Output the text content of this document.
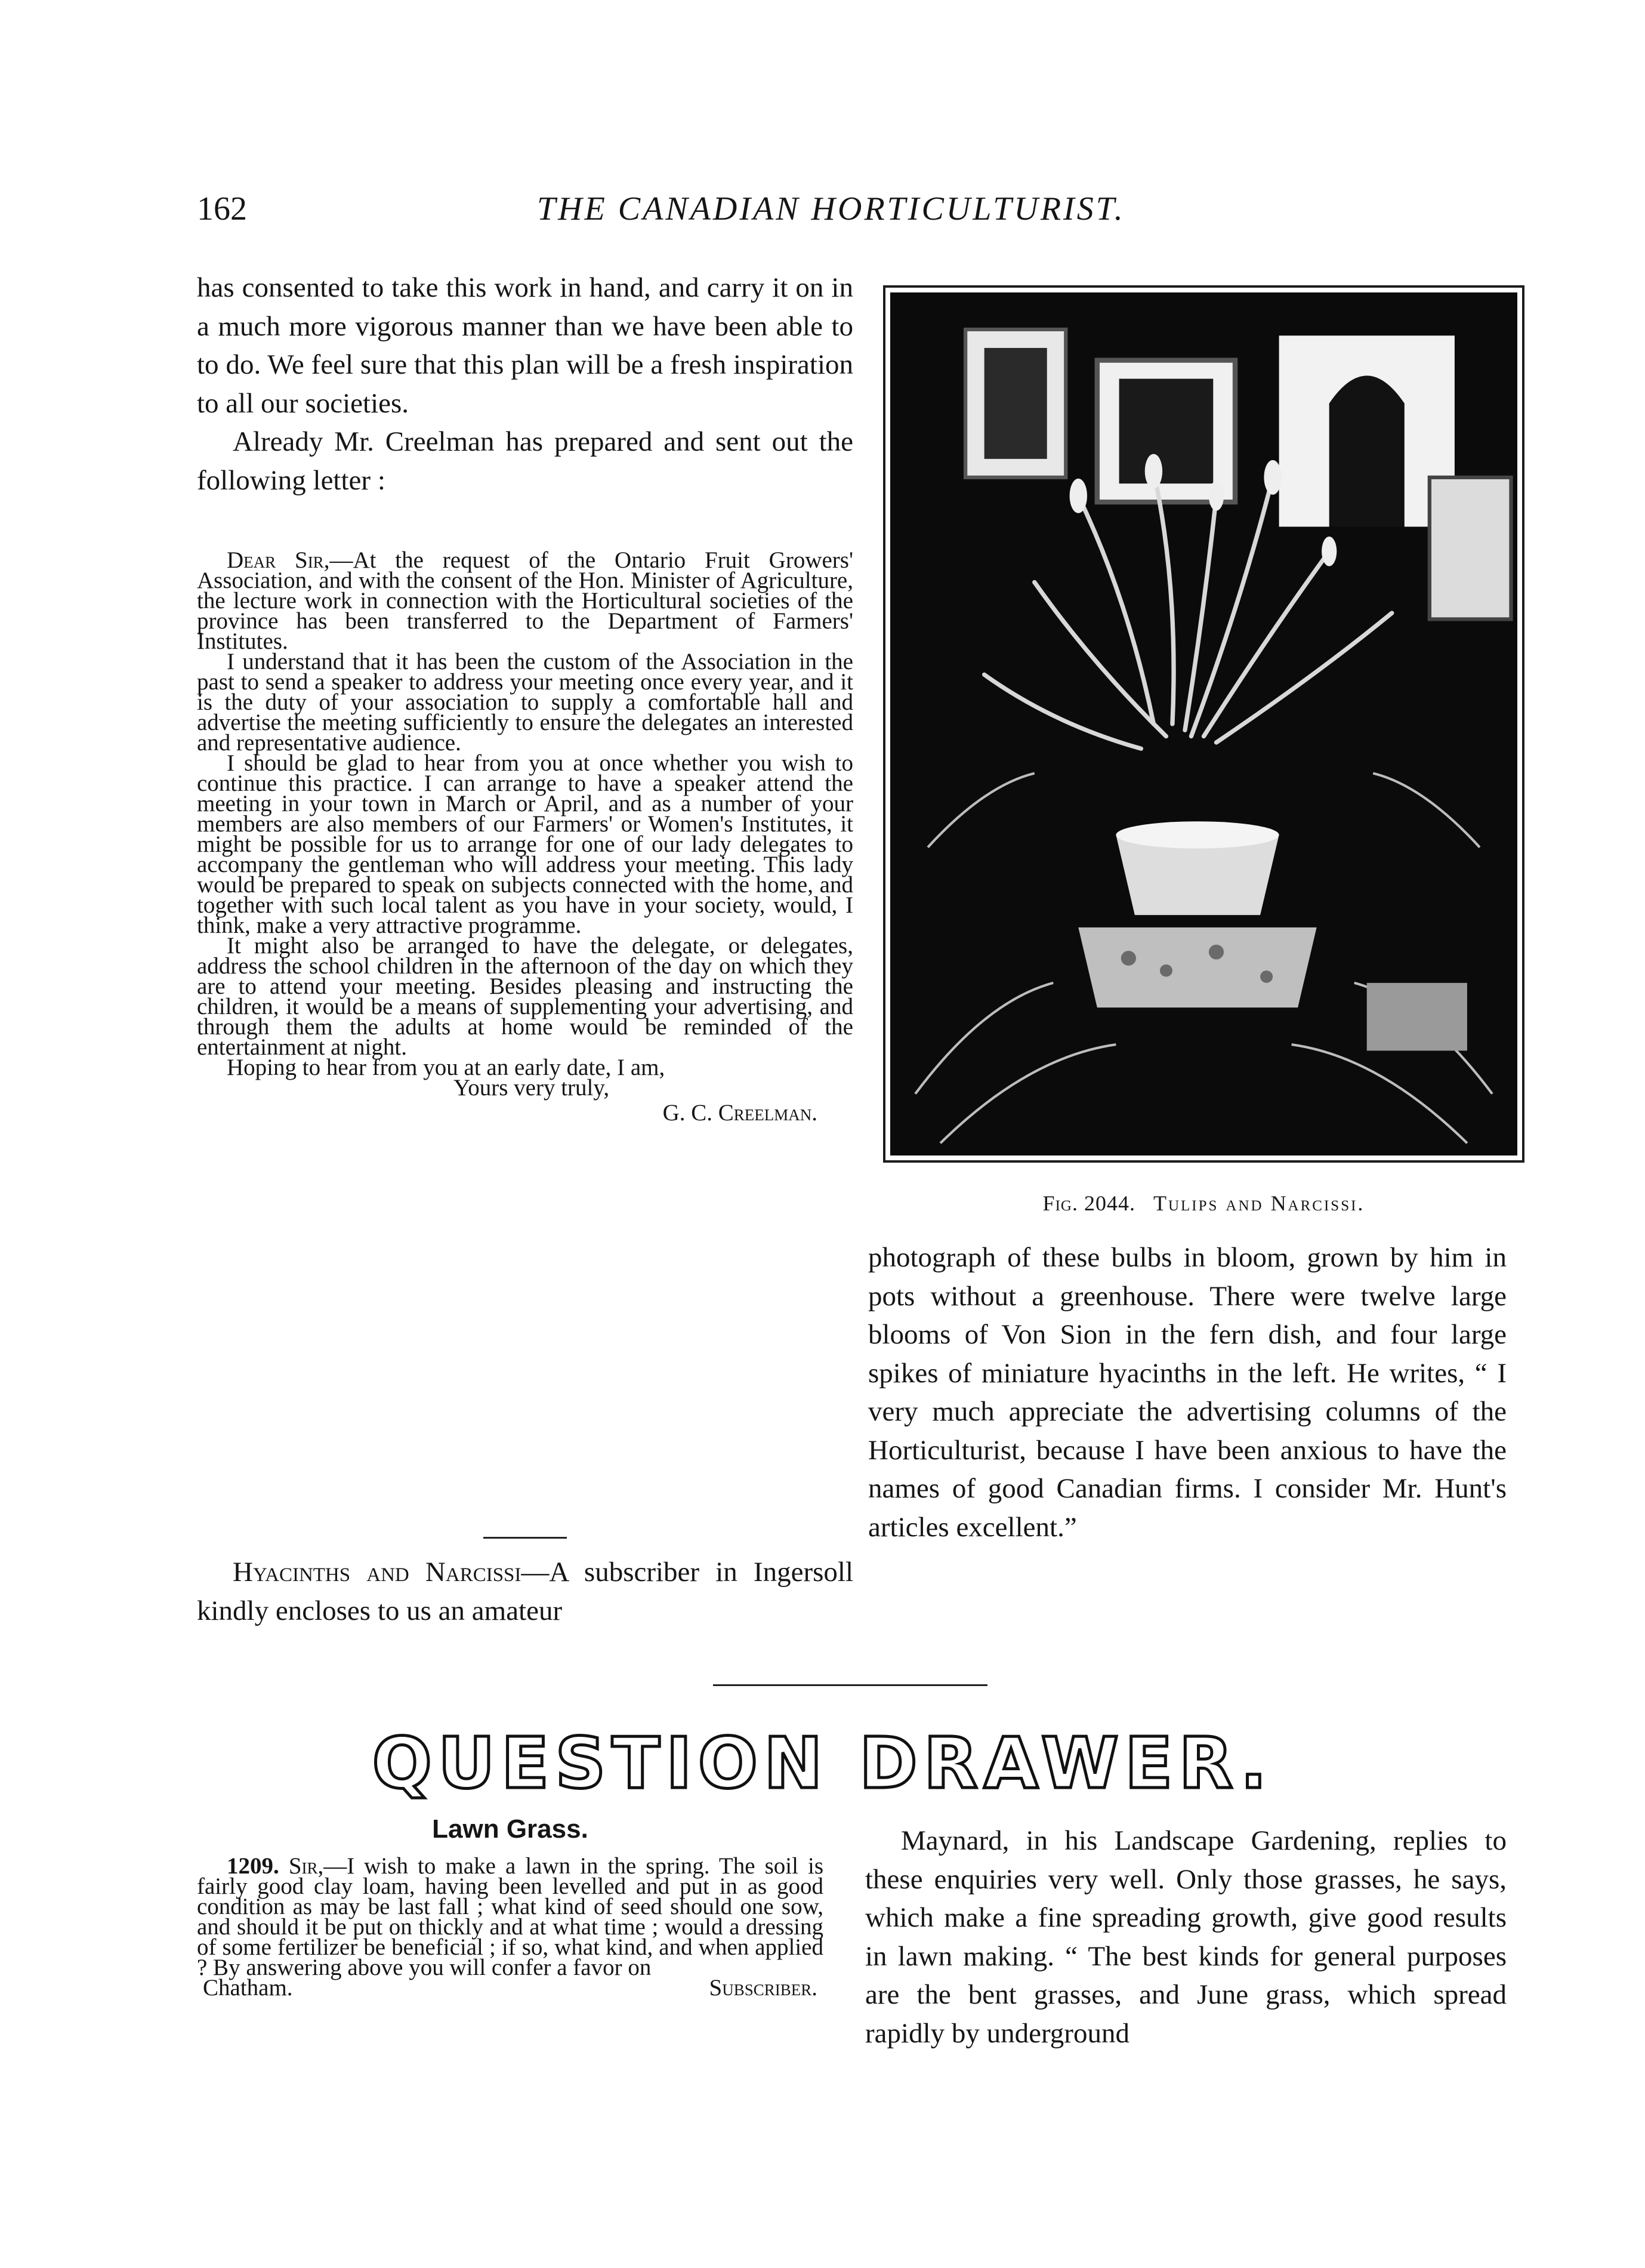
162	THE CANADIAN HORTICULTURIST.

has consented to take this work in hand, and carry it on in a much more vigorous manner than we have been able to to do. We feel sure that this plan will be a fresh inspiration to all our societies.

Already Mr. Creelman has prepared and sent out the following letter :

Dear Sir,—At the request of the Ontario Fruit Growers' Association, and with the consent of the Hon. Minister of Agriculture, the lecture work in connection with the Horticultural societies of the province has been transferred to the Department of Farmers' Institutes.

I understand that it has been the custom of the Association in the past to send a speaker to address your meeting once every year, and it is the duty of your association to supply a comfortable hall and advertise the meeting sufficiently to ensure the delegates an interested and representative audience.

I should be glad to hear from you at once whether you wish to continue this practice. I can arrange to have a speaker attend the meeting in your town in March or April, and as a number of your members are also members of our Farmers' or Women's Institutes, it might be possible for us to arrange for one of our lady delegates to accompany the gentleman who will address your meeting. This lady would be prepared to speak on subjects connected with the home, and together with such local talent as you have in your society, would, I think, make a very attractive programme.

It might also be arranged to have the delegate, or delegates, address the school children in the afternoon of the day on which they are to attend your meeting. Besides pleasing and instructing the children, it would be a means of supplementing your advertising, and through them the adults at home would be reminded of the entertainment at night.

Hoping to hear from you at an early date, I am,

Yours very truly,

G. C. Creelman.

Hyacinths and Narcissi—A subscriber in Ingersoll kindly encloses to us an amateur

Fig. 2044. Tulips and Narcissi.

photograph of these bulbs in bloom, grown by him in pots without a greenhouse. There were twelve large blooms of Von Sion in the fern dish, and four large spikes of miniature hyacinths in the left. He writes, “ I very much appreciate the advertising columns of the Horticulturist, because I have been anxious to have the names of good Canadian firms. I consider Mr. Hunt's articles excellent.”

QUESTION DRAWER.
Lawn Grass.

1209. Sir,—I wish to make a lawn in the spring. The soil is fairly good clay loam, having been levelled and put in as good condition as may be last fall ; what kind of seed should one sow, and should it be put on thickly and at what time ; would a dressing of some fertilizer be beneficial ; if so, what kind, and when applied ? By answering above you will confer a favor on

Chatham.	Subscriber.

Maynard, in his Landscape Gardening, replies to these enquiries very well. Only those grasses, he says, which make a fine spreading growth, give good results in lawn making. “ The best kinds for general purposes are the bent grasses, and June grass, which spread rapidly by underground
